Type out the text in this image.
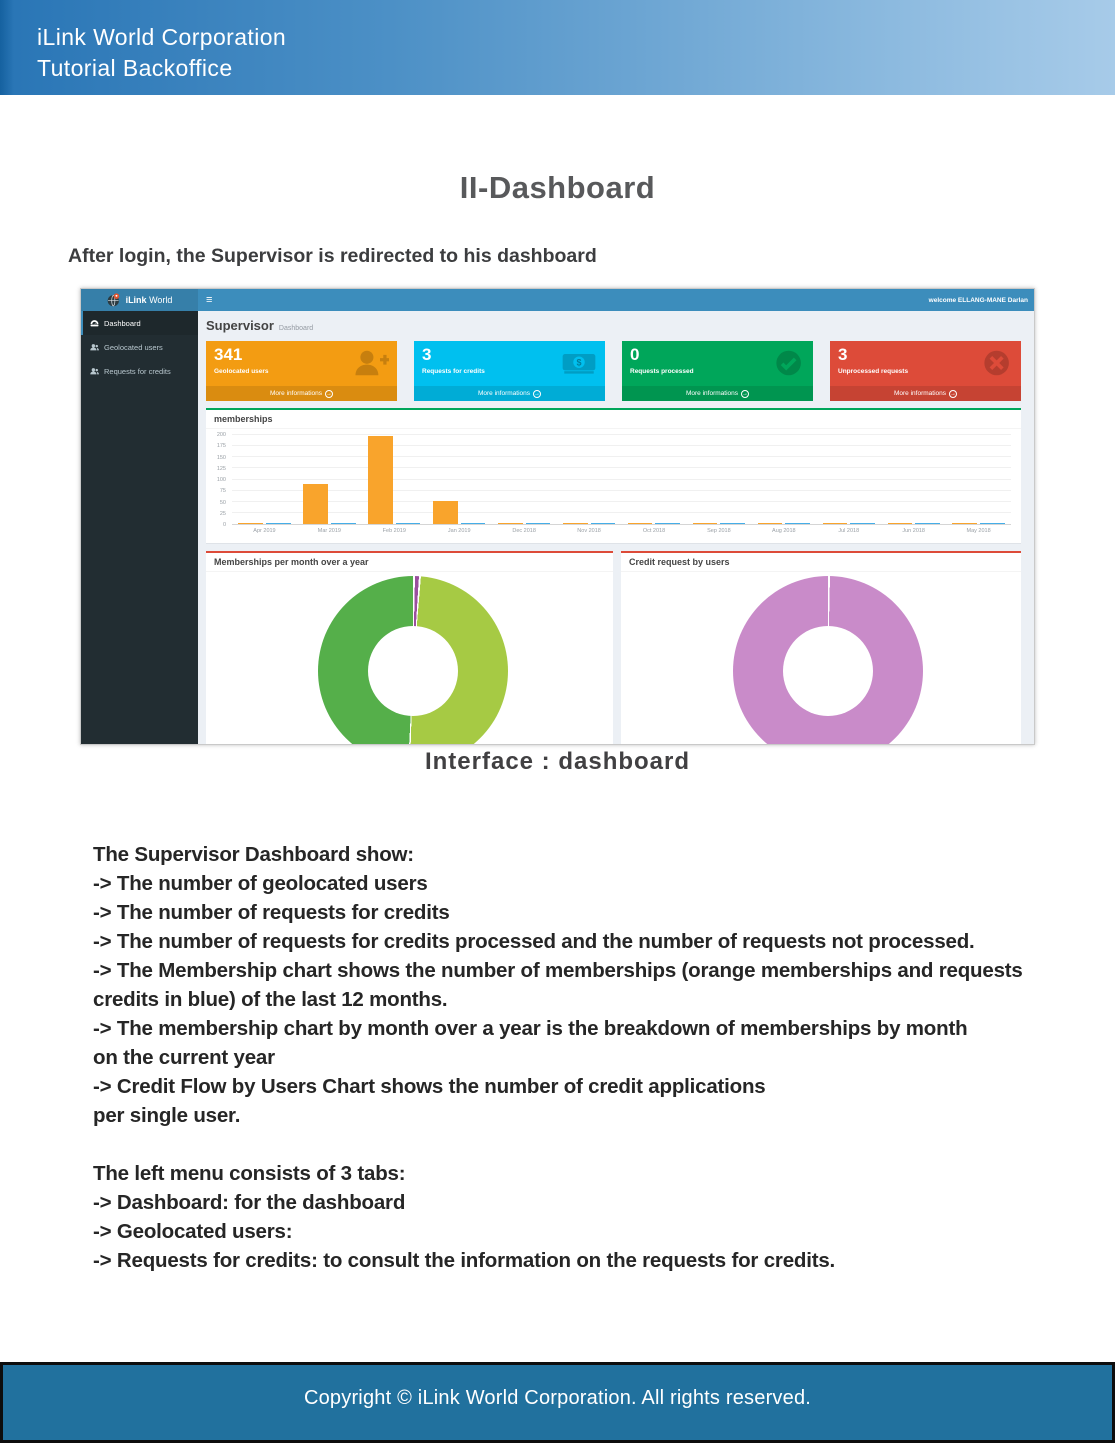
iLink World Corporation
Tutorial Backoffice
II-Dashboard
After login, the Supervisor is redirected to his dashboard
iLink World	≡	welcome ELLANG-MANE Darlan
Dashboard
Geolocated users
Requests for credits
Supervisor Dashboard
341
Geolocated users
More informations →
3
Requests for credits
$
More informations →
0
Requests processed
More informations →
3
Unprocessed requests
More informations →
memberships
0
25
50
75
100
125
150
175
200
Apr 2019	Mar 2019	Feb 2019	Jan 2019	Dec 2018	Nov 2018	Oct 2018	Sep 2018	Aug 2018	Jul 2018	Jun 2018	May 2018
Memberships per month over a year	Credit request by users
Interface : dashboard
The Supervisor Dashboard show:
-> The number of geolocated users
-> The number of requests for credits
-> The number of requests for credits processed and the number of requests not processed.
-> The Membership chart shows the number of memberships (orange memberships and requests
credits in blue) of the last 12 months.
-> The membership chart by month over a year is the breakdown of memberships by month
on the current year
-> Credit Flow by Users Chart shows the number of credit applications
per single user.

The left menu consists of 3 tabs:
-> Dashboard: for the dashboard
-> Geolocated users:
-> Requests for credits: to consult the information on the requests for credits.
Copyright © iLink World Corporation. All rights reserved.
